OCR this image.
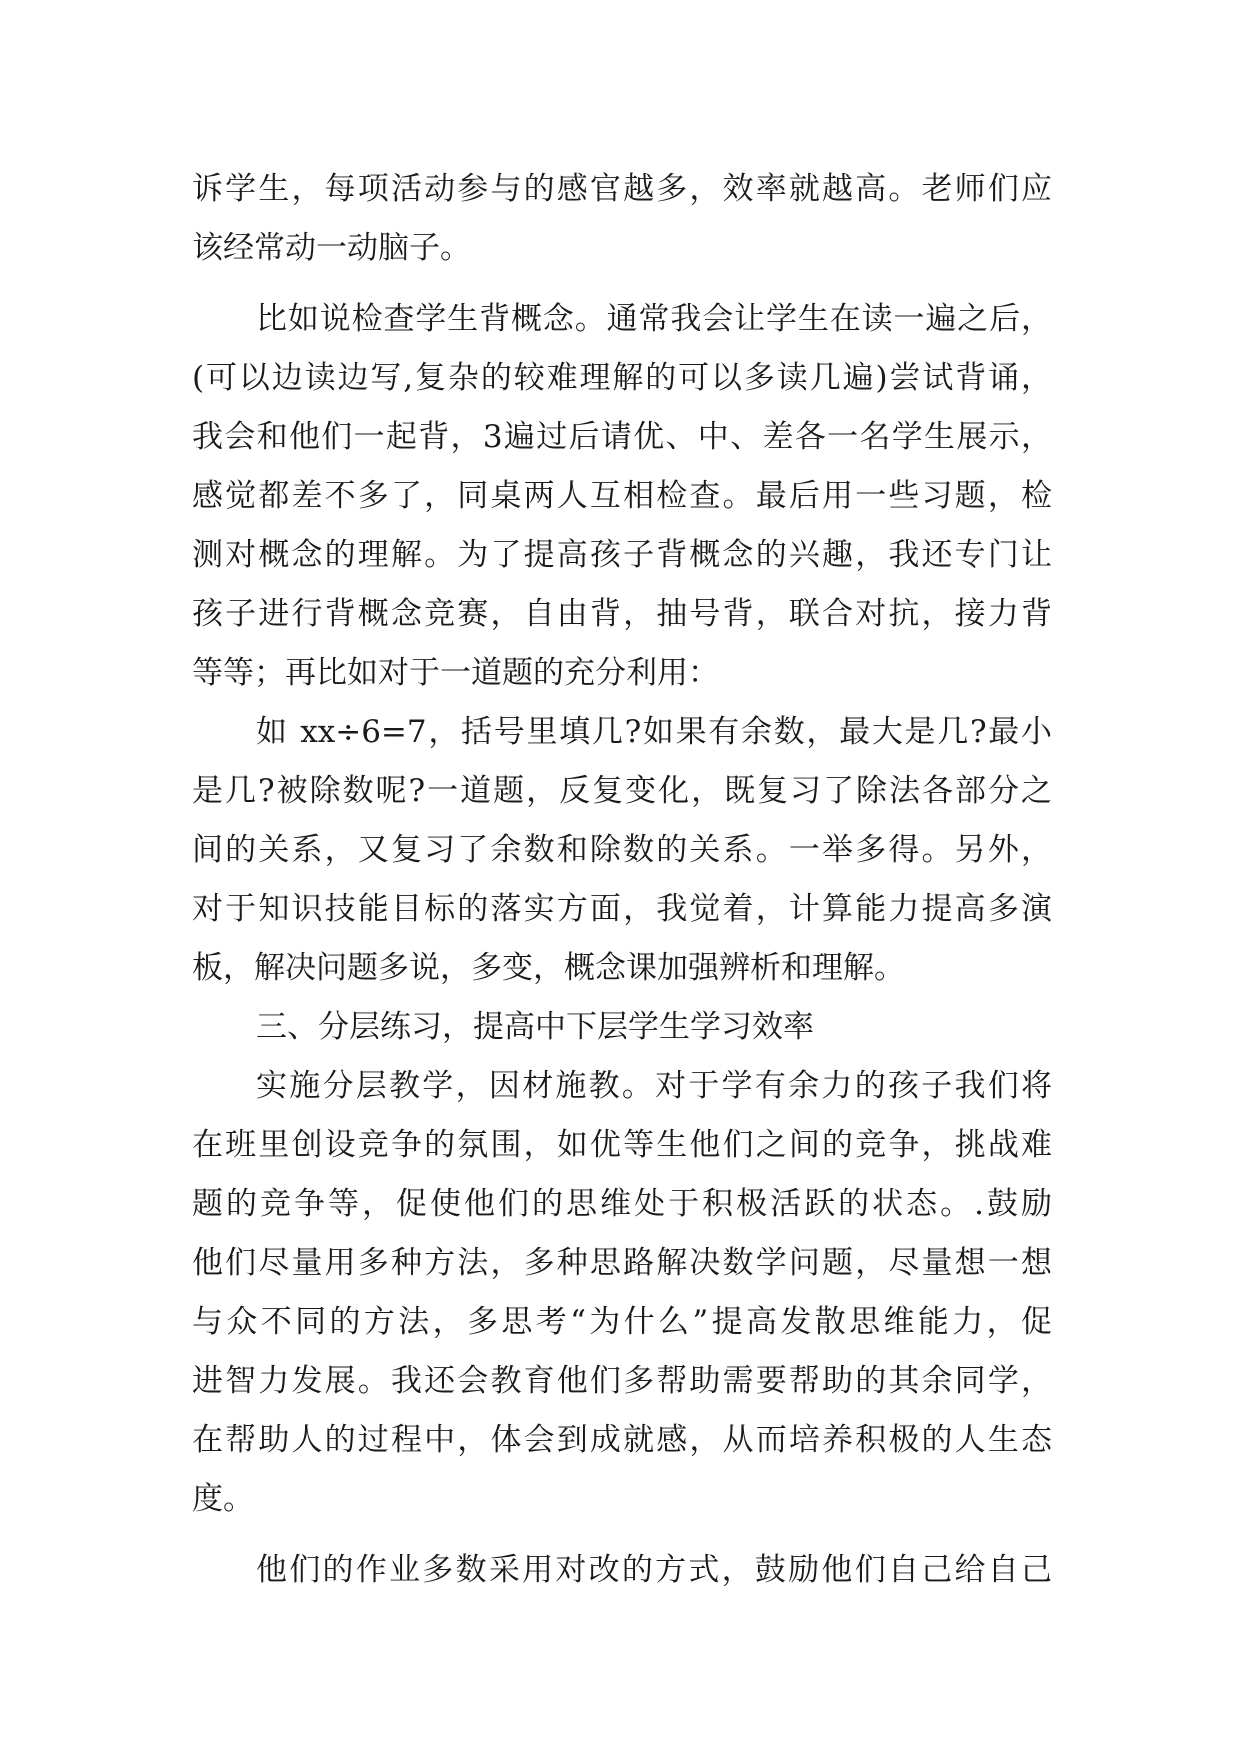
诉学生，每项活动参与的感官越多，效率就越高。老师们应
该经常动一动脑子。
比如说检查学生背概念。通常我会让学生在读一遍之后，
(可以边读边写,复杂的较难理解的可以多读几遍)尝试背诵，
我会和他们一起背，3遍过后请优、中、差各一名学生展示，
感觉都差不多了，同桌两人互相检查。最后用一些习题，检
测对概念的理解。为了提高孩子背概念的兴趣，我还专门让
孩子进行背概念竞赛，自由背，抽号背，联合对抗，接力背
等等；再比如对于一道题的充分利用：
如 xx÷6=7，括号里填几?如果有余数，最大是几?最小
是几?被除数呢?一道题，反复变化，既复习了除法各部分之
间的关系，又复习了余数和除数的关系。一举多得。另外，
对于知识技能目标的落实方面，我觉着，计算能力提高多演
板，解决问题多说，多变，概念课加强辨析和理解。
三、分层练习，提高中下层学生学习效率
实施分层教学，因材施教。对于学有余力的孩子我们将
在班里创设竞争的氛围，如优等生他们之间的竞争，挑战难
题的竞争等，促使他们的思维处于积极活跃的状态。.鼓励
他们尽量用多种方法，多种思路解决数学问题，尽量想一想
与众不同的方法，多思考“为什么”提高发散思维能力，促
进智力发展。我还会教育他们多帮助需要帮助的其余同学，
在帮助人的过程中，体会到成就感，从而培养积极的人生态
度。
他们的作业多数采用对改的方式，鼓励他们自己给自己
